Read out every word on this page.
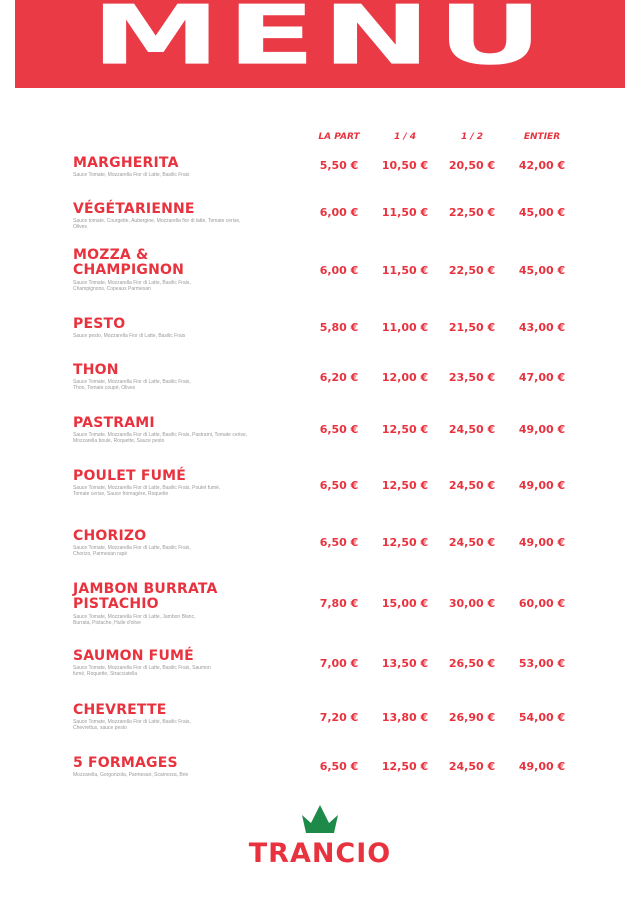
MENU
LA PART	1 / 4	1 / 2	ENTIER
MARGHERITA
Sauce Tomate, Mozzarella Fior di Latte, Basilic Frais
5,50 €	10,50 €	20,50 €	42,00 €
VÉGÉTARIENNE
Sauce tomate, Courgette, Aubergine, Mozzarella fior di latte, Tomate cerise, Olives
6,00 €	11,50 €	22,50 €	45,00 €
MOZZA & CHAMPIGNON
Sauce Tomate, Mozzarella Fior di Latte, Basilic Frais, Champignons, Copeaux Parmesan
6,00 €	11,50 €	22,50 €	45,00 €
PESTO
Sauce pesto, Mozzarella Fior di Latte, Basilic Frais
5,80 €	11,00 €	21,50 €	43,00 €
THON
Sauce Tomate, Mozzarella Fior di Latte, Basilic Frais, Thon, Tomate coupé, Olives
6,20 €	12,00 €	23,50 €	47,00 €
PASTRAMI
Sauce Tomate, Mozzarella Fior di Latte, Basilic Frais, Pastrami, Tomate cerise, Mozzarella boule, Roquette, Sauce pesto
6,50 €	12,50 €	24,50 €	49,00 €
POULET FUMÉ
Sauce Tomate, Mozzarella Fior di Latte, Basilic Frais, Poulet fumé, Tomate cerise, Sauce fromagère, Roquette
6,50 €	12,50 €	24,50 €	49,00 €
CHORIZO
Sauce Tomate, Mozzarella Fior di Latte, Basilic Frais, Chorizo, Parmesan rapé
6,50 €	12,50 €	24,50 €	49,00 €
JAMBON BURRATA PISTACHIO
Sauce Tomate, Mozzarella Fior di Latte, Jambon Blanc, Burrata, Pistache, Huile d'olive
7,80 €	15,00 €	30,00 €	60,00 €
SAUMON FUMÉ
Sauce Tomate, Mozzarella Fior di Latte, Basilic Frais, Saumon fumé, Roquette, Stracciatella
7,00 €	13,50 €	26,50 €	53,00 €
CHEVRETTE
Sauce Tomate, Mozzarella Fior di Latte, Basilic Frais, Chevrettus, sauce pesto
7,20 €	13,80 €	26,90 €	54,00 €
5 FORMAGES
Mozzarella, Gorgonzola, Parmesan, Scamorza, Brie
6,50 €	12,50 €	24,50 €	49,00 €
TRANCIO
